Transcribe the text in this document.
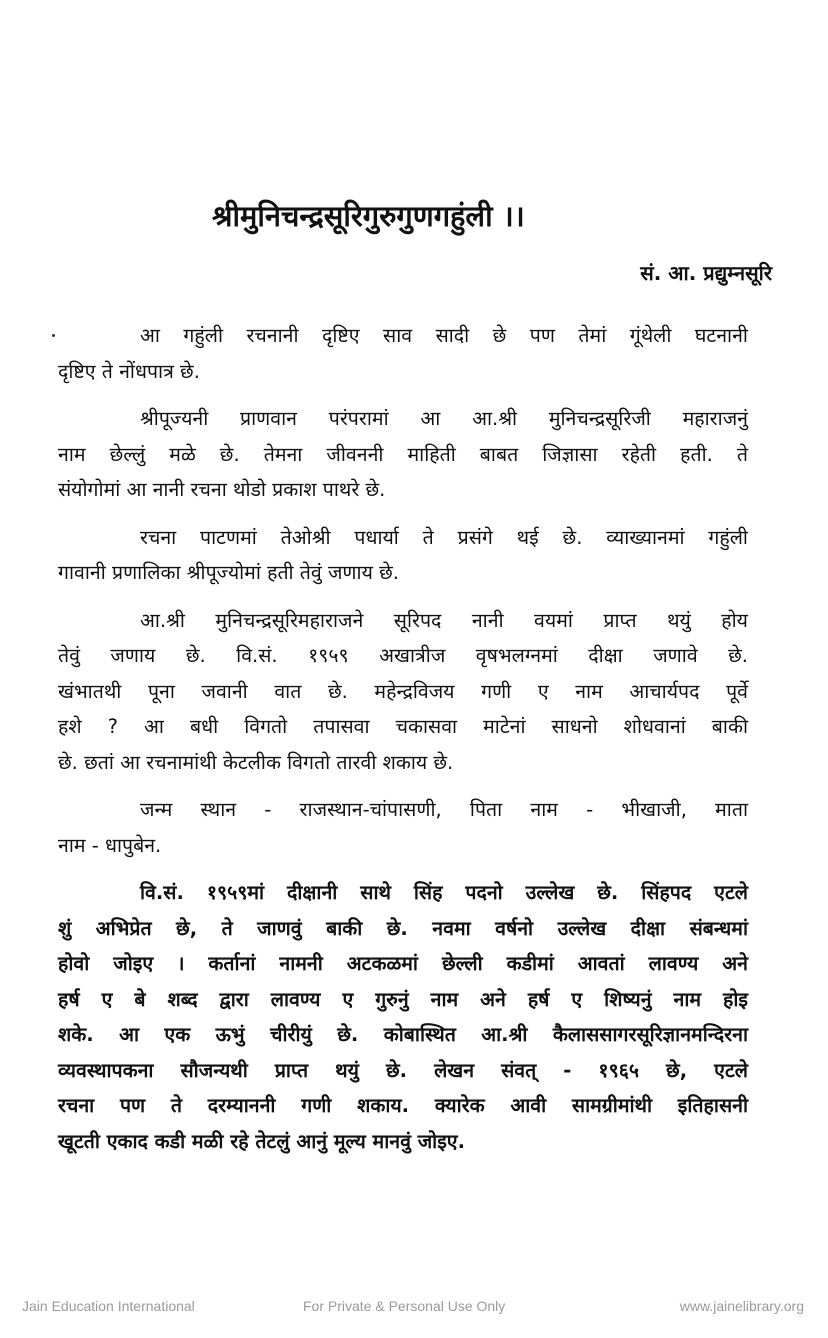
श्रीमुनिचन्द्रसूरिगुरुगुणगहुंली ।।
सं. आ. प्रद्युम्नसूरि

आ गहुंली रचनानी दृष्टिए साव सादी छे पण तेमां गूंथेली घटनानी
दृष्टिए ते नोंधपात्र छे.

श्रीपूज्यनी प्राणवान परंपरामां आ आ.श्री मुनिचन्द्रसूरिजी महाराजनुं
नाम छेल्लुं मळे छे. तेमना जीवननी माहिती बाबत जिज्ञासा रहेती हती. ते
संयोगोमां आ नानी रचना थोडो प्रकाश पाथरे छे.

रचना पाटणमां तेओश्री पधार्या ते प्रसंगे थई छे. व्याख्यानमां गहुंली
गावानी प्रणालिका श्रीपूज्योमां हती तेवुं जणाय छे.

आ.श्री मुनिचन्द्रसूरिमहाराजने सूरिपद नानी वयमां प्राप्त थयुं होय
तेवुं जणाय छे. वि.सं. १९५९ अखात्रीज वृषभलग्नमां दीक्षा जणावे छे.
खंभातथी पूना जवानी वात छे. महेन्द्रविजय गणी ए नाम आचार्यपद पूर्वे
हशे ? आ बधी विगतो तपासवा चकासवा माटेनां साधनो शोधवानां बाकी
छे. छतां आ रचनामांथी केटलीक विगतो तारवी शकाय छे.

जन्म स्थान - राजस्थान-चांपासणी, पिता नाम - भीखाजी, माता
नाम - धापुबेन.

वि.सं. १९५९मां दीक्षानी साथे सिंह पदनो उल्लेख छे. सिंहपद एटले
शुं अभिप्रेत छे, ते जाणवुं बाकी छे. नवमा वर्षनो उल्लेख दीक्षा संबन्धमां
होवो जोइए । कर्तानां नामनी अटकळमां छेल्ली कडीमां आवतां लावण्य अने
हर्ष ए बे शब्द द्वारा लावण्य ए गुरुनुं नाम अने हर्ष ए शिष्यनुं नाम होइ
शके. आ एक ऊभुं चीरीयुं छे. कोबास्थित आ.श्री कैलाससागरसूरिज्ञानमन्दिरना
व्यवस्थापकना सौजन्यथी प्राप्त थयुं छे. लेखन संवत् - १९६५ छे, एटले
रचना पण ते दरम्याननी गणी शकाय. क्यारेक आवी सामग्रीमांथी इतिहासनी
खूटती एकाद कडी मळी रहे तेटलुं आनुं मूल्य मानवुं जोइए.

Jain Education International	For Private & Personal Use Only	www.jainelibrary.org
